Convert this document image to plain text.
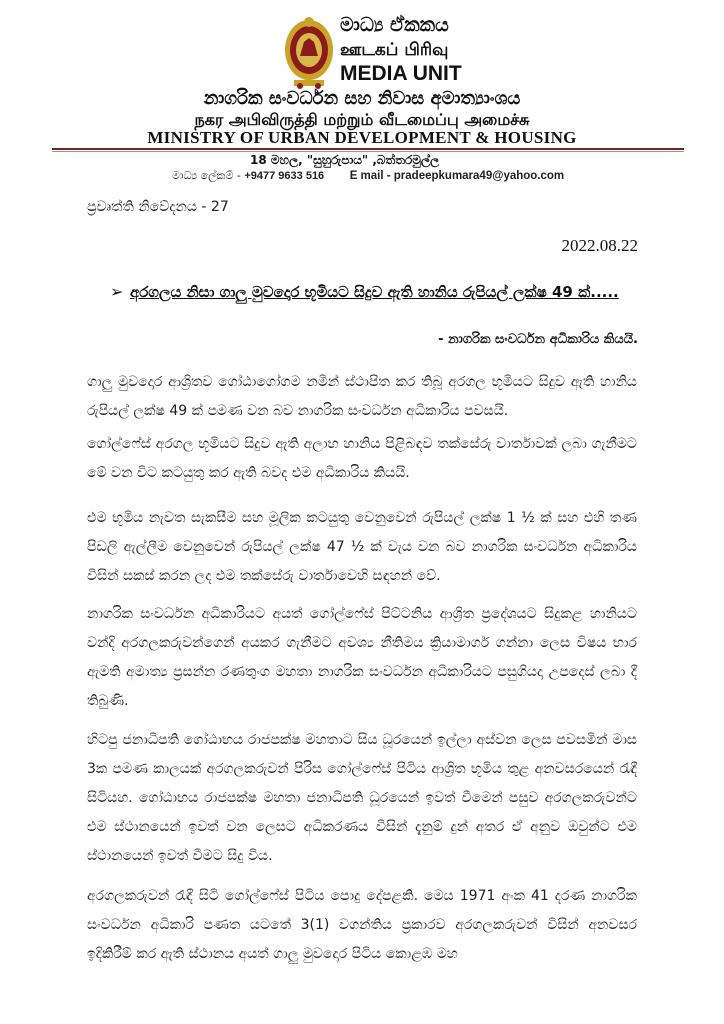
මාධ්‍ය ඒකකය
ஊடகப் பிரிவு
MEDIA UNIT
නාගරික සංවර්ධන සහ නිවාස අමාත්‍යාංශය
நகர அபிவிருத்தி மற்றும் வீடமைப்பு அமைச்சு
MINISTRY OF URBAN DEVELOPMENT & HOUSING
18 මහල, "සුහුරුපාය" ,බත්තරමුල්ල
මාධ්‍ය ලේකම් - +9477 9633 516 E mail - pradeepkumara49@yahoo.com
ප්‍රවෘත්ති නිවේදනය - 27
2022.08.22
➢ අරගලය නිසා ගාලු මුවදොර භූමියට සිදුව ඇති හානිය රුපියල් ලක්ෂ 49 ක්.....
- නාගරික සංවර්ධන අධිකාරිය කියයි.
ගාලු මුවදොර ආශ්‍රිතව ගෝඨාගෝගම නමින් ස්ථාපිත කර තිබූ අරගල භූමියට සිදුව ඇති හානිය රුපියල් ලක්ෂ 49 ක් පමණ වන බව නාගරික සංවර්ධන අධිකාරිය පවසයි.
ගෝල්ෆේස් අරගල භූමියට සිදුව ඇති අලාභ හානිය පිළිබඳව තක්සේරු වාර්තාවක් ලබා ගැනීමට මේ වන විට කටයුතු කර ඇති බවද එම අධිකාරිය කියයි.
එම භූමිය නැවත සැකසීම සහ මූලික කටයුතු වෙනුවෙන් රුපියල් ලක්ෂ 1 ½ ක් සහ එහි තණ පිඩලි ඇල්ලීම වෙනුවෙන් රුපියල් ලක්ෂ 47 ½ ක් වැය වන බව නාගරික සංවර්ධන අධිකාරිය විසින් සකස් කරන ලද එම තක්සේරු වාර්තාවෙහි සඳහන් වේ.
නාගරික සංවර්ධන අධිකාරියට අයත් ගෝල්ෆේස් පිට්ටනිය ආශ්‍රිත ප්‍රදේශයට සිදුකළ හානියට වන්දි අරගලකරුවන්ගෙන් අයකර ගැනීමට අවශ්‍ය නීතිමය ක්‍රියාමාර්ග ගන්නා ලෙස විෂය භාර ඇමති අමාත්‍ය ප්‍රසන්න රණතුංග මහතා නාගරික සංවර්ධන අධිකාරියට පසුගියදා උපදෙස් ලබා දී තිබුණි.
හිටපු ජනාධිපති ගෝඨාභය රාජපක්ෂ මහතාට සිය ධූරයෙන් ඉල්ලා අස්වන ලෙස පවසමින් මාස 3ක පමණ කාලයක් අරගලකරුවන් පිරිස ගෝල්ෆේස් පිටිය ආශ්‍රිත භූමිය තුළ අනවසරයෙන් රැඳී සිටියහ. ගෝඨාභය රාජපක්ෂ මහතා ජනාධිපති ධූරයෙන් ඉවත් වීමෙන් පසුව අරගලකරුවන්ට එම ස්ථානයෙන් ඉවත් වන ලෙසට අධිකරණය විසින් දැනුම් දුන් අතර ඒ අනුව ඔවුන්ට එම ස්ථානයෙන් ඉවත් වීමට සිදු විය.
අරගලකරුවන් රැඳී සිටි ගෝල්ෆේස් පිටිය පොදු දේපළකි. මෙය 1971 අංක 41 දරණ නාගරික සංවර්ධන අධිකාරි පණත යටතේ 3(1) වගන්තිය ප්‍රකාරව අරගලකරුවන් විසින් අනවසර ඉදිකිරීම් කර ඇති ස්ථානය අයත් ගාලු මුවදොර පිටිය කොළඹ මහ
